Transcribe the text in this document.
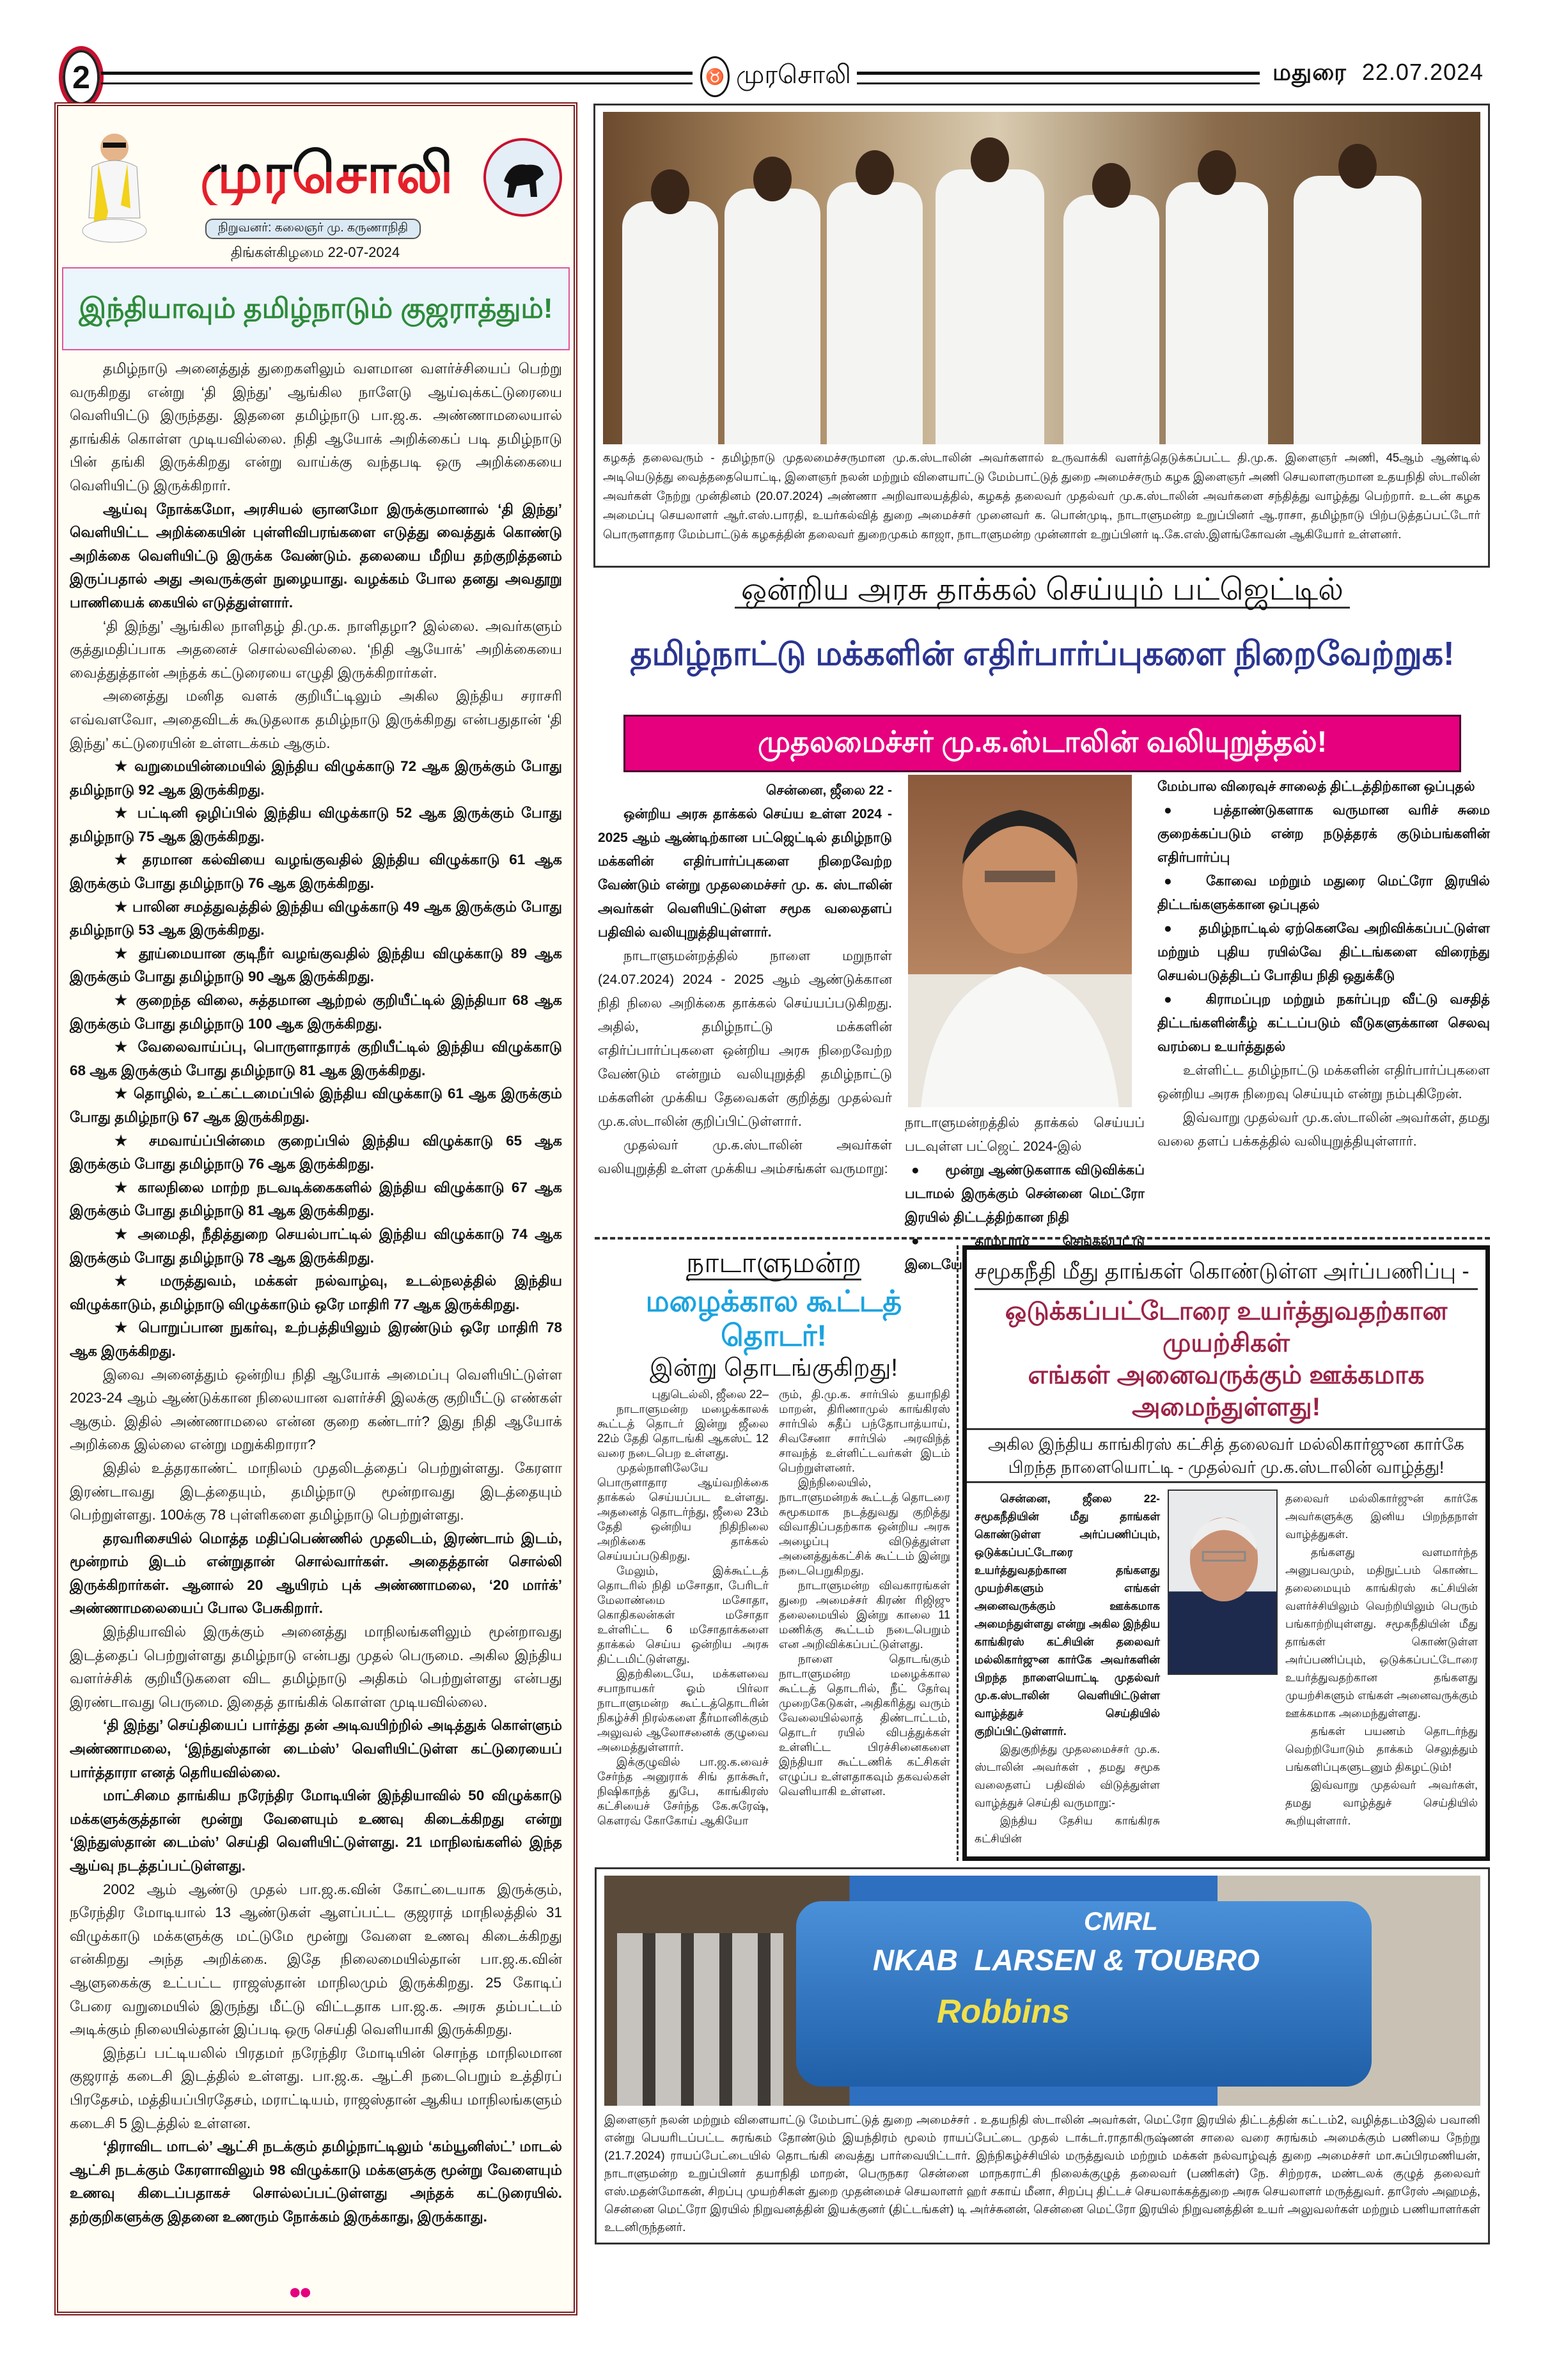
2	♉ முரசொலி	மதுரை 22.07.2024
முரசொலி
நிறுவனர்: கலைஞர் மு. கருணாநிதி
திங்கள்கிழமை 22-07-2024
இந்தியாவும் தமிழ்நாடும் குஜராத்தும்!

தமிழ்நாடு அனைத்துத் துறைகளிலும் வளமான வளர்ச்சியைப் பெற்று வருகிறது என்று ‘தி இந்து’ ஆங்கில நாளேடு ஆய்வுக்கட்டுரையை வெளியிட்டு இருந்தது. இதனை தமிழ்நாடு பா.ஜ.க. அண்ணாமலையால் தாங்கிக் கொள்ள முடியவில்லை. நிதி ஆயோக் அறிக்கைப் படி தமிழ்நாடு பின் தங்கி இருக்கிறது என்று வாய்க்கு வந்தபடி ஒரு அறிக்கையை வெளியிட்டு இருக்கிறார்.

ஆய்வு நோக்கமோ, அரசியல் ஞானமோ இருக்குமானால் ‘தி இந்து’ வெளியிட்ட அறிக்கையின் புள்ளிவிபரங்களை எடுத்து வைத்துக் கொண்டு அறிக்கை வெளியிட்டு இருக்க வேண்டும். தலையை மீறிய தற்குறித்தனம் இருப்பதால் அது அவருக்குள் நுழையாது. வழக்கம் போல தனது அவதூறு பாணியைக் கையில் எடுத்துள்ளார்.

‘தி இந்து’ ஆங்கில நாளிதழ் தி.மு.க. நாளிதழா? இல்லை. அவர்களும் குத்துமதிப்பாக அதனைச் சொல்லவில்லை. ‘நிதி ஆயோக்’ அறிக்கையை வைத்துத்தான் அந்தக் கட்டுரையை எழுதி இருக்கிறார்கள்.

அனைத்து மனித வளக் குறியீட்டிலும் அகில இந்திய சராசரி எவ்வளவோ, அதைவிடக் கூடுதலாக தமிழ்நாடு இருக்கிறது என்பதுதான் ‘தி இந்து’ கட்டுரையின் உள்ளடக்கம் ஆகும்.

★ வறுமையின்மையில் இந்திய விழுக்காடு 72 ஆக இருக்கும் போது தமிழ்நாடு 92 ஆக இருக்கிறது.

★ பட்டினி ஒழிப்பில் இந்திய விழுக்காடு 52 ஆக இருக்கும் போது தமிழ்நாடு 75 ஆக இருக்கிறது.

★ தரமான கல்வியை வழங்குவதில் இந்திய விழுக்காடு 61 ஆக இருக்கும் போது தமிழ்நாடு 76 ஆக இருக்கிறது.

★ பாலின சமத்துவத்தில் இந்திய விழுக்காடு 49 ஆக இருக்கும் போது தமிழ்நாடு 53 ஆக இருக்கிறது.

★ தூய்மையான குடிநீர் வழங்குவதில் இந்திய விழுக்காடு 89 ஆக இருக்கும் போது தமிழ்நாடு 90 ஆக இருக்கிறது.

★ குறைந்த விலை, சுத்தமான ஆற்றல் குறியீட்டில் இந்தியா 68 ஆக இருக்கும் போது தமிழ்நாடு 100 ஆக இருக்கிறது.

★ வேலைவாய்ப்பு, பொருளாதாரக் குறியீட்டில் இந்திய விழுக்காடு 68 ஆக இருக்கும் போது தமிழ்நாடு 81 ஆக இருக்கிறது.

★ தொழில், உட்கட்டமைப்பில் இந்திய விழுக்காடு 61 ஆக இருக்கும் போது தமிழ்நாடு 67 ஆக இருக்கிறது.

★ சமவாய்ப்பின்மை குறைப்பில் இந்திய விழுக்காடு 65 ஆக இருக்கும் போது தமிழ்நாடு 76 ஆக இருக்கிறது.

★ காலநிலை மாற்ற நடவடிக்கைகளில் இந்திய விழுக்காடு 67 ஆக இருக்கும் போது தமிழ்நாடு 81 ஆக இருக்கிறது.

★ அமைதி, நீதித்துறை செயல்பாட்டில் இந்திய விழுக்காடு 74 ஆக இருக்கும் போது தமிழ்நாடு 78 ஆக இருக்கிறது.

★ மருத்துவம், மக்கள் நல்வாழ்வு, உடல்நலத்தில் இந்திய விழுக்காடும், தமிழ்நாடு விழுக்காடும் ஒரே மாதிரி 77 ஆக இருக்கிறது.

★ பொறுப்பான நுகர்வு, உற்பத்தியிலும் இரண்டும் ஒரே மாதிரி 78 ஆக இருக்கிறது.

இவை அனைத்தும் ஒன்றிய நிதி ஆயோக் அமைப்பு வெளியிட்டுள்ள 2023-24 ஆம் ஆண்டுக்கான நிலையான வளர்ச்சி இலக்கு குறியீட்டு எண்கள் ஆகும். இதில் அண்ணாமலை என்ன குறை கண்டார்? இது நிதி ஆயோக் அறிக்கை இல்லை என்று மறுக்கிறாரா?

இதில் உத்தரகாண்ட் மாநிலம் முதலிடத்தைப் பெற்றுள்ளது. கேரளா இரண்டாவது இடத்தையும், தமிழ்நாடு மூன்றாவது இடத்தையும் பெற்றுள்ளது. 100க்கு 78 புள்ளிகளை தமிழ்நாடு பெற்றுள்ளது.

தரவரிசையில் மொத்த மதிப்பெண்ணில் முதலிடம், இரண்டாம் இடம், மூன்றாம் இடம் என்றுதான் சொல்வார்கள். அதைத்தான் சொல்லி இருக்கிறார்கள். ஆனால் 20 ஆயிரம் புக் அண்ணாமலை, ‘20 மார்க்’ அண்ணாமலையைப் போல பேசுகிறார்.

இந்தியாவில் இருக்கும் அனைத்து மாநிலங்களிலும் மூன்றாவது இடத்தைப் பெற்றுள்ளது தமிழ்நாடு என்பது முதல் பெருமை. அகில இந்திய வளர்ச்சிக் குறியீடுகளை விட தமிழ்நாடு அதிகம் பெற்றுள்ளது என்பது இரண்டாவது பெருமை. இதைத் தாங்கிக் கொள்ள முடியவில்லை.

‘தி இந்து’ செய்தியைப் பார்த்து தன் அடிவயிற்றில் அடித்துக் கொள்ளும் அண்ணாமலை, ‘இந்துஸ்தான் டைம்ஸ்’ வெளியிட்டுள்ள கட்டுரையைப் பார்த்தாரா எனத் தெரியவில்லை.

மாட்சிமை தாங்கிய நரேந்திர மோடியின் இந்தியாவில் 50 விழுக்காடு மக்களுக்குத்தான் மூன்று வேளையும் உணவு கிடைக்கிறது என்று ‘இந்துஸ்தான் டைம்ஸ்’ செய்தி வெளியிட்டுள்ளது. 21 மாநிலங்களில் இந்த ஆய்வு நடத்தப்பட்டுள்ளது.

2002 ஆம் ஆண்டு முதல் பா.ஜ.க.வின் கோட்டையாக இருக்கும், நரேந்திர மோடியால் 13 ஆண்டுகள் ஆளப்பட்ட குஜராத் மாநிலத்தில் 31 விழுக்காடு மக்களுக்கு மட்டுமே மூன்று வேளை உணவு கிடைக்கிறது என்கிறது அந்த அறிக்கை. இதே நிலைமையில்தான் பா.ஜ.க.வின் ஆளுகைக்கு உட்பட்ட ராஜஸ்தான் மாநிலமும் இருக்கிறது. 25 கோடிப் பேரை வறுமையில் இருந்து மீட்டு விட்டதாக பா.ஜ.க. அரசு தம்பட்டம் அடிக்கும் நிலையில்தான் இப்படி ஒரு செய்தி வெளியாகி இருக்கிறது.

இந்தப் பட்டியலில் பிரதமர் நரேந்திர மோடியின் சொந்த மாநிலமான குஜராத் கடைசி இடத்தில் உள்ளது. பா.ஜ.க. ஆட்சி நடைபெறும் உத்திரப் பிரதேசம், மத்தியப்பிரதேசம், மராட்டியம், ராஜஸ்தான் ஆகிய மாநிலங்களும் கடைசி 5 இடத்தில் உள்ளன.

‘திராவிட மாடல்’ ஆட்சி நடக்கும் தமிழ்நாட்டிலும் ‘கம்யூனிஸ்ட்’ மாடல் ஆட்சி நடக்கும் கேரளாவிலும் 98 விழுக்காடு மக்களுக்கு மூன்று வேளையும் உணவு கிடைப்பதாகச் சொல்லப்பட்டுள்ளது அந்தக் கட்டுரையில். தற்குறிகளுக்கு இதனை உணரும் நோக்கம் இருக்காது, இருக்காது.

●●
கழகத் தலைவரும் - தமிழ்நாடு முதலமைச்சருமான மு.க.ஸ்டாலின் அவர்களால் உருவாக்கி வளர்த்தெடுக்கப்பட்ட தி.மு.க. இளைஞர் அணி, 45ஆம் ஆண்டில் அடியெடுத்து வைத்ததையொட்டி, இளைஞர் நலன் மற்றும் விளையாட்டு மேம்பாட்டுத் துறை அமைச்சரும் கழக இளைஞர் அணி செயலாளருமான உதயநிதி ஸ்டாலின் அவர்கள் நேற்று முன்தினம் (20.07.2024) அண்ணா அறிவாலயத்தில், கழகத் தலைவர் முதல்வர் மு.க.ஸ்டாலின் அவர்களை சந்தித்து வாழ்த்து பெற்றார். உடன் கழக அமைப்பு செயலாளர் ஆர்.எஸ்.பாரதி, உயர்கல்வித் துறை அமைச்சர் முனைவர் க. பொன்முடி, நாடாளுமன்ற உறுப்பினர் ஆ.ராசா, தமிழ்நாடு பிற்படுத்தப்பட்டோர் பொருளாதார மேம்பாட்டுக் கழகத்தின் தலைவர் துறைமுகம் காஜா, நாடாளுமன்ற முன்னாள் உறுப்பினர் டி.கே.எஸ்.இளங்கோவன் ஆகியோர் உள்ளனர்.
ஒன்றிய அரசு தாக்கல் செய்யும் பட்ஜெட்டில்
தமிழ்நாட்டு மக்களின் எதிர்பார்ப்புகளை நிறைவேற்றுக!
முதலமைச்சர் மு.க.ஸ்டாலின் வலியுறுத்தல்!

சென்னை, ஜீலை 22 -

ஒன்றிய அரசு தாக்கல் செய்ய உள்ள 2024 - 2025 ஆம் ஆண்டிற்கான பட்ஜெட்டில் தமிழ்நாடு மக்களின் எதிர்பார்ப்புகளை நிறைவேற்ற வேண்டும் என்று முதலமைச்சர் மு. க. ஸ்டாலின் அவர்கள் வெளியிட்டுள்ள சமூக வலைதளப் பதிவில் வலியுறுத்தியுள்ளார்.

நாடாளுமன்றத்தில் நாளை மறுநாள் (24.07.2024) 2024 - 2025 ஆம் ஆண்டுக்கான நிதி நிலை அறிக்கை தாக்கல் செய்யப்படுகிறது. அதில், தமிழ்நாட்டு மக்களின் எதிர்ப்பார்ப்புகளை ஒன்றிய அரசு நிறைவேற்ற வேண்டும் என்றும் வலியுறுத்தி தமிழ்நாட்டு மக்களின் முக்கிய தேவைகள் குறித்து முதல்வர் மு.க.ஸ்டாலின் குறிப்பிட்டுள்ளார்.

முதல்வர் மு.க.ஸ்டாலின் அவர்கள் வலியுறுத்தி உள்ள முக்கிய அம்சங்கள் வருமாறு:

நாடாளுமன்றத்தில் தாக்கல் செய்யப் படவுள்ள பட்ஜெட் 2024-இல்

● மூன்று ஆண்டுகளாக விடுவிக்கப் படாமல் இருக்கும் சென்னை மெட்ரோ இரயில் திட்டத்திற்கான நிதி

● தாம்பரம் செங்கல்பட்டு இடையே

மேம்பால விரைவுச் சாலைத் திட்டத்திற்கான ஒப்புதல்

● பத்தாண்டுகளாக வருமான வரிச் சுமை குறைக்கப்படும் என்ற நடுத்தரக் குடும்பங்களின் எதிர்பார்ப்பு

● கோவை மற்றும் மதுரை மெட்ரோ இரயில் திட்டங்களுக்கான ஒப்புதல்

● தமிழ்நாட்டில் ஏற்கெனவே அறிவிக்கப்பட்டுள்ள மற்றும் புதிய ரயில்வே திட்டங்களை விரைந்து செயல்படுத்திடப் போதிய நிதி ஒதுக்கீடு

● கிராமப்புற மற்றும் நகர்ப்புற வீட்டு வசதித் திட்டங்களின்கீழ் கட்டப்படும் வீடுகளுக்கான செலவு வரம்பை உயர்த்துதல்

உள்ளிட்ட தமிழ்நாட்டு மக்களின் எதிர்பார்ப்புகளை ஒன்றிய அரசு நிறைவு செய்யும் என்று நம்புகிறேன்.

இவ்வாறு முதல்வர் மு.க.ஸ்டாலின் அவர்கள், தமது வலை தளப் பக்கத்தில் வலியுறுத்தியுள்ளார்.

நாடாளுமன்ற
மழைக்கால கூட்டத் தொடர்!
இன்று தொடங்குகிறது!

புதுடெல்லி, ஜீலை 22–

நாடாளுமன்ற மழைக்காலக் கூட்டத் தொடர் இன்று ஜீலை 22ம் தேதி தொடங்கி ஆகஸ்ட் 12 வரை நடைபெற உள்ளது.

முதல்நாளிலேயே பொருளாதார ஆய்வறிக்கை தாக்கல் செய்யப்பட உள்ளது. அதனைத் தொடர்ந்து, ஜீலை 23ம் தேதி ஒன்றிய நிதிநிலை அறிக்கை தாக்கல் செய்யப்படுகிறது.

மேலும், இக்கூட்டத் தொடரில் நிதி மசோதா, பேரிடர் மேலாண்மை மசோதா, கொதிகலன்கள் மசோதா உள்ளிட்ட 6 மசோதாக்களை தாக்கல் செய்ய ஒன்றிய அரசு திட்டமிட்டுள்ளது.

இதற்கிடையே, மக்களவை சபாநாயகர் ஓம் பிர்லா நாடாளுமன்ற கூட்டத்தொடரின் நிகழ்ச்சி நிரல்களை தீர்மானிக்கும் அலுவல் ஆலோசனைக் குழுவை அமைத்துள்ளார்.

இக்குழுவில் பா.ஜ.க.வைச் சேர்ந்த அனுராக் சிங் தாக்கூர், நிஷிகாந்த் துபே, காங்கிரஸ் கட்சியைச் சேர்ந்த கே.சுரேஷ், கௌரவ் கோகோய் ஆகியோ

ரும், தி.மு.க. சார்பில் தயாநிதி மாறன், திரிணாமுல் காங்கிரஸ் சார்பில் சுதீப் பந்தோபாத்யாய், சிவசேனா சார்பில் அரவிந்த் சாவந்த் உள்ளிட்டவர்கள் இடம் பெற்றுள்ளனர்.

இந்நிலையில், நாடாளுமன்றக் கூட்டத் தொடரை சுமூகமாக நடத்துவது குறித்து விவாதிப்பதற்காக ஒன்றிய அரசு அழைப்பு விடுத்துள்ள அனைத்துக்கட்சிக் கூட்டம் இன்று நடைபெறுகிறது.

நாடாளுமன்ற விவகாரங்கள் துறை அமைச்சர் கிரண் ரிஜிஜு தலைமையில் இன்று காலை 11 மணிக்கு கூட்டம் நடைபெறும் என அறிவிக்கப்பட்டுள்ளது.

நாளை தொடங்கும் நாடாளுமன்ற மழைக்கால கூட்டத் தொடரில், நீட் தேர்வு முறைகேடுகள், அதிகரித்து வரும் வேலையில்லாத் திண்டாட்டம், தொடர் ரயில் விபத்துக்கள் உள்ளிட்ட பிரச்சினைகளை இந்தியா கூட்டணிக் கட்சிகள் எழுப்ப உள்ளதாகவும் தகவல்கள் வெளியாகி உள்ளன.

சமூகநீதி மீது தாங்கள் கொண்டுள்ள அர்ப்பணிப்பு -
ஒடுக்கப்பட்டோரை உயர்த்துவதற்கான முயற்சிகள்
எங்கள் அனைவருக்கும் ஊக்கமாக அமைந்துள்ளது!
அகில இந்திய காங்கிரஸ் கட்சித் தலைவர் மல்லிகார்ஜுன கார்கே
பிறந்த நாளையொட்டி - முதல்வர் மு.க.ஸ்டாலின் வாழ்த்து!

சென்னை, ஜீலை 22- சமூகநீதியின் மீது தாங்கள் கொண்டுள்ள அர்ப்பணிப்பும், ஒடுக்கப்பட்டோரை உயர்த்துவதற்கான தங்களது முயற்சிகளும் எங்கள் அனைவருக்கும் ஊக்கமாக அமைந்துள்ளது என்று அகில இந்திய காங்கிரஸ் கட்சியின் தலைவர் மல்லிகார்ஜுன கார்கே அவர்களின் பிறந்த நாளையொட்டி முதல்வர் மு.க.ஸ்டாலின் வெளியிட்டுள்ள வாழ்த்துச் செய்தியில் குறிப்பிட்டுள்ளார்.

இதுகுறித்து முதலமைச்சர் மு.க. ஸ்டாலின் அவர்கள் , தமது சமூக வலைதளப் பதிவில் விடுத்துள்ள வாழ்த்துச் செய்தி வருமாறு:-

இந்திய தேசிய காங்கிரசு கட்சியின்

தலைவர் மல்லிகார்ஜுன் கார்கே அவர்களுக்கு இனிய பிறந்தநாள் வாழ்த்துகள்.

தங்களது வளமார்ந்த அனுபவமும், மதிநுட்பம் கொண்ட தலைமையும் காங்கிரஸ் கட்சியின் வளர்ச்சியிலும் வெற்றியிலும் பெரும் பங்காற்றியுள்ளது. சமூகநீதியின் மீது தாங்கள் கொண்டுள்ள அர்ப்பணிப்பும், ஒடுக்கப்பட்டோரை உயர்த்துவதற்கான தங்களது முயற்சிகளும் எங்கள் அனைவருக்கும் ஊக்கமாக அமைந்துள்ளது.

தங்கள் பயணம் தொடர்ந்து வெற்றியோடும் தாக்கம் செலுத்தும் பங்களிப்புகளுடனும் திகழட்டும்!

இவ்வாறு முதல்வர் அவர்கள், தமது வாழ்த்துச் செய்தியில் கூறியுள்ளார்.

CMRL
NKAB LARSEN & TOUBRO
Robbins
இளைஞர் நலன் மற்றும் விளையாட்டு மேம்பாட்டுத் துறை அமைச்சர் . உதயநிதி ஸ்டாலின் அவர்கள், மெட்ரோ இரயில் திட்டத்தின் கட்டம்2, வழித்தடம்3இல் பவானி என்று பெயரிடப்பட்ட சுரங்கம் தோண்டும் இயந்திரம் மூலம் ராயப்பேட்டை முதல் டாக்டர்.ராதாகிருஷ்ணன் சாலை வரை சுரங்கம் அமைக்கும் பணியை நேற்று (21.7.2024) ராயப்பேட்டையில் தொடங்கி வைத்து பார்வையிட்டார். இந்நிகழ்ச்சியில் மருத்துவம் மற்றும் மக்கள் நல்வாழ்வுத் துறை அமைச்சர் மா.சுப்பிரமணியன், நாடாளுமன்ற உறுப்பினர் தயாநிதி மாறன், பெருநகர சென்னை மாநகராட்சி நிலைக்குழுத் தலைவர் (பணிகள்) நே. சிற்றரசு, மண்டலக் குழுத் தலைவர் எஸ்.மதன்மோகன், சிறப்பு முயற்சிகள் துறை முதன்மைச் செயலாளர் ஹர் சகாய் மீனா, சிறப்பு திட்டச் செயலாக்கத்துறை அரசு செயலாளர் மருத்துவர். தாரேஸ் அஹமத், சென்னை மெட்ரோ இரயில் நிறுவனத்தின் இயக்குனர் (திட்டங்கள்) டி அர்ச்சுனன், சென்னை மெட்ரோ இரயில் நிறுவனத்தின் உயர் அலுவலர்கள் மற்றும் பணியாளர்கள் உடனிருந்தனர்.
